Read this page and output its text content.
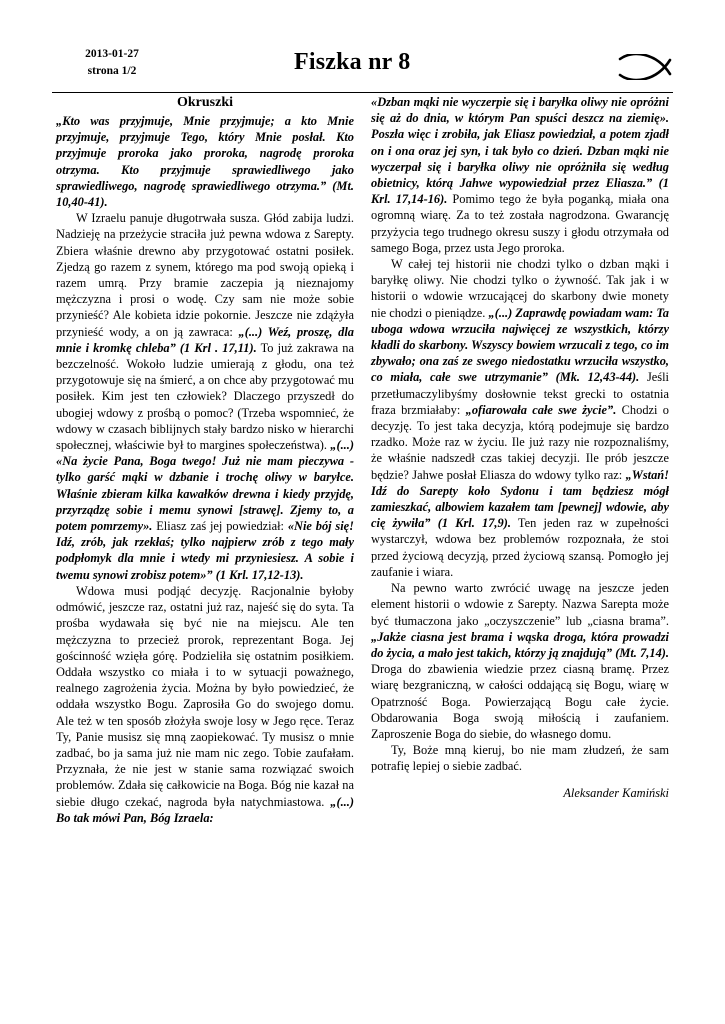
2013-01-27
strona 1/2	Fiszka nr 8
Okruszki

„Kto was przyjmuje, Mnie przyjmuje; a kto Mnie przyjmuje, przyjmuje Tego, który Mnie posłał. Kto przyjmuje proroka jako proroka, nagrodę proroka otrzyma. Kto przyjmuje sprawiedliwego jako sprawiedliwego, nagrodę sprawiedliwego otrzyma.” (Mt. 10,40-41).

W Izraelu panuje długotrwała susza. Głód zabija ludzi. Nadzieję na przeżycie straciła już pewna wdowa z Sarepty. Zbiera właśnie drewno aby przygotować ostatni posiłek. Zjedzą go razem z synem, którego ma pod swoją opieką i razem umrą. Przy bramie zaczepia ją nieznajomy mężczyzna i prosi o wodę. Czy sam nie może sobie przynieść? Ale kobieta idzie pokornie. Jeszcze nie zdążyła przynieść wody, a on ją zawraca: „(...) Weź, proszę, dla mnie i kromkę chleba” (1 Krl . 17,11). To już zakrawa na bezczelność. Wokoło ludzie umierają z głodu, ona też przygotowuje się na śmierć, a on chce aby przygotować mu posiłek. Kim jest ten człowiek? Dlaczego przyszedł do ubogiej wdowy z prośbą o pomoc? (Trzeba wspomnieć, że wdowy w czasach biblijnych stały bardzo nisko w hierarchi społecznej, właściwie był to margines społeczeństwa). „(...) «Na życie Pana, Boga twego! Już nie mam pieczywa - tylko garść mąki w dzbanie i trochę oliwy w baryłce. Właśnie zbieram kilka kawałków drewna i kiedy przyjdę, przyrządzę sobie i memu synowi [strawę]. Zjemy to, a potem pomrzemy». Eliasz zaś jej powiedział: «Nie bój się! Idź, zrób, jak rzekłaś; tylko najpierw zrób z tego mały podpłomyk dla mnie i wtedy mi przyniesiesz. A sobie i twemu synowi zrobisz potem»” (1 Krl. 17,12-13).

Wdowa musi podjąć decyzję. Racjonalnie byłoby odmówić, jeszcze raz, ostatni już raz, najeść się do syta. Ta prośba wydawała się być nie na miejscu. Ale ten mężczyzna to przecież prorok, reprezentant Boga. Jej gościnność wzięła górę. Podzieliła się ostatnim posiłkiem. Oddała wszystko co miała i to w sytuacji poważnego, realnego zagrożenia życia. Można by było powiedzieć, że oddała wszystko Bogu. Zaprosiła Go do swojego domu. Ale też w ten sposób złożyła swoje losy w Jego ręce. Teraz Ty, Panie musisz się mną zaopiekować. Ty musisz o mnie zadbać, bo ja sama już nie mam nic zego. Tobie zaufałam. Przyznała, że nie jest w stanie sama rozwiązać swoich problemów. Zdała się całkowicie na Boga. Bóg nie kazał na siebie długo czekać, nagroda była natychmiastowa. „(...) Bo tak mówi Pan, Bóg Izraela:

«Dzban mąki nie wyczerpie się i baryłka oliwy nie opróżni się aż do dnia, w którym Pan spuści deszcz na ziemię». Poszła więc i zrobiła, jak Eliasz powiedział, a potem zjadł on i ona oraz jej syn, i tak było co dzień. Dzban mąki nie wyczerpał się i baryłka oliwy nie opróżniła się według obietnicy, którą Jahwe wypowiedział przez Eliasza.” (1 Krl. 17,14-16). Pomimo tego że była poganką, miała ona ogromną wiarę. Za to też została nagrodzona. Gwarancję przyżycia tego trudnego okresu suszy i głodu otrzymała od samego Boga, przez usta Jego proroka.

W całej tej historii nie chodzi tylko o dzban mąki i baryłkę oliwy. Nie chodzi tylko o żywność. Tak jak i w historii o wdowie wrzucającej do skarbony dwie monety nie chodzi o pieniądze. „(...) Zaprawdę powiadam wam: Ta uboga wdowa wrzuciła najwięcej ze wszystkich, którzy kładli do skarbony. Wszyscy bowiem wrzucali z tego, co im zbywało; ona zaś ze swego niedostatku wrzuciła wszystko, co miała, całe swe utrzymanie” (Mk. 12,43-44). Jeśli przetłumaczylibyśmy dosłownie tekst grecki to ostatnia fraza brzmiałaby: „ofiarowała całe swe życie”. Chodzi o decyzję. To jest taka decyzja, którą podejmuje się bardzo rzadko. Może raz w życiu. Ile już razy nie rozpoznaliśmy, że właśnie nadszedł czas takiej decyzji. Ile prób jeszcze będzie? Jahwe posłał Eliasza do wdowy tylko raz: „Wstań! Idź do Sarepty koło Sydonu i tam będziesz mógł zamieszkać, albowiem kazałem tam [pewnej] wdowie, aby cię żywiła” (1 Krl. 17,9). Ten jeden raz w zupełności wystarczył, wdowa bez problemów rozpoznała, że stoi przed życiową decyzją, przed życiową szansą. Pomogło jej zaufanie i wiara.

Na pewno warto zwrócić uwagę na jeszcze jeden element historii o wdowie z Sarepty. Nazwa Sarepta może być tłumaczona jako „oczyszczenie” lub „ciasna brama”. „Jakże ciasna jest brama i wąska droga, która prowadzi do życia, a mało jest takich, którzy ją znajdują” (Mt. 7,14). Droga do zbawienia wiedzie przez ciasną bramę. Przez wiarę bezgraniczną, w całości oddającą się Bogu, wiarę w Opatrzność Boga. Powierzającą Bogu całe życie. Obdarowania Boga swoją miłością i zaufaniem. Zaproszenie Boga do siebie, do własnego domu.

Ty, Boże mną kieruj, bo nie mam złudzeń, że sam potrafię lepiej o siebie zadbać.

Aleksander Kamiński
